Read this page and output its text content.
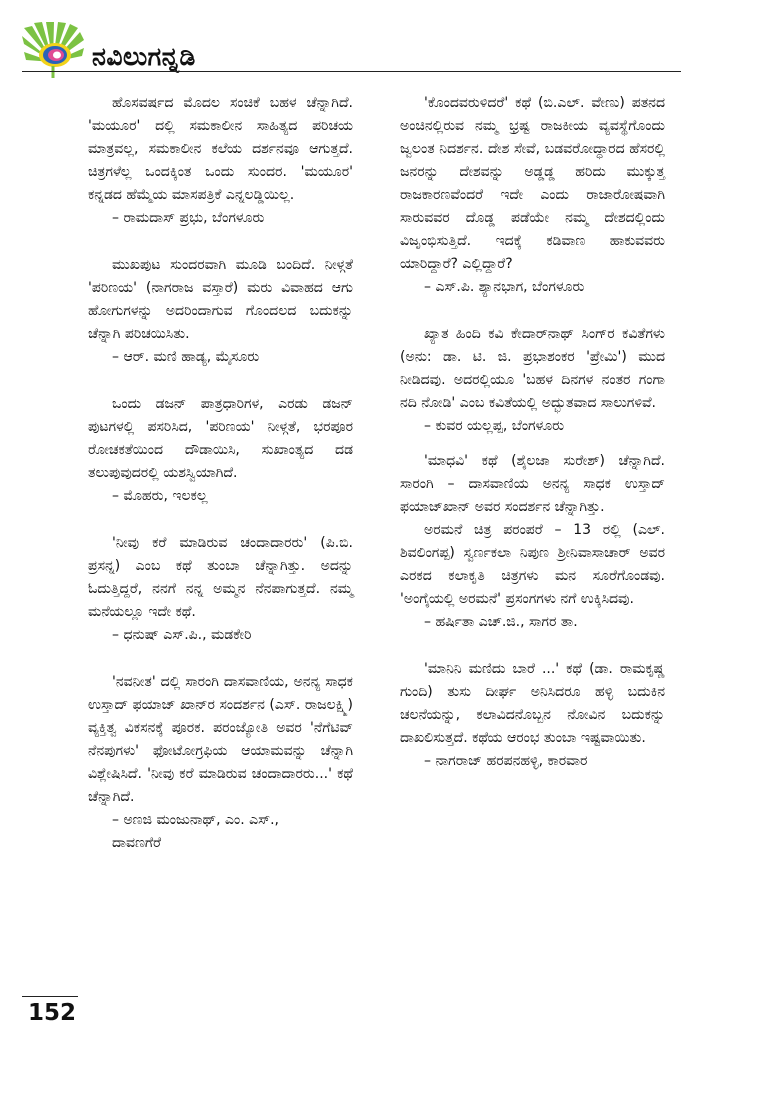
ನವಿಲುಗನ್ನಡಿ

ಹೊಸವರ್ಷದ ಮೊದಲ ಸಂಚಿಕೆ ಬಹಳ ಚೆನ್ನಾಗಿದೆ. 'ಮಯೂರ' ದಲ್ಲಿ ಸಮಕಾಲೀನ ಸಾಹಿತ್ಯದ ಪರಿಚಯ ಮಾತ್ರವಲ್ಲ, ಸಮಕಾಲೀನ ಕಲೆಯ ದರ್ಶನವೂ ಆಗುತ್ತದೆ. ಚಿತ್ರಗಳೆಲ್ಲ ಒಂದಕ್ಕಿಂತ ಒಂದು ಸುಂದರ. 'ಮಯೂರ' ಕನ್ನಡದ ಹೆಮ್ಮೆಯ ಮಾಸಪತ್ರಿಕೆ ಎನ್ನಲಡ್ಡಿಯಿಲ್ಲ.

– ರಾಮದಾಸ್ ಪ್ರಭು, ಬೆಂಗಳೂರು

ಮುಖಪುಟ ಸುಂದರವಾಗಿ ಮೂಡಿ ಬಂದಿದೆ. ನೀಳ್ಗತೆ 'ಪರಿಣಯ' (ನಾಗರಾಜ ವಸ್ತಾರೆ) ಮರು ವಿವಾಹದ ಆಗು ಹೋಗುಗಳನ್ನು ಅದರಿಂದಾಗುವ ಗೊಂದಲದ ಬದುಕನ್ನು ಚೆನ್ನಾಗಿ ಪರಿಚಯಿಸಿತು.

– ಆರ್. ಮಣಿ ಹಾಡ್ಯ, ಮೈಸೂರು

ಒಂದು ಡಜನ್ ಪಾತ್ರಧಾರಿಗಳ, ಎರಡು ಡಜನ್ ಪುಟಗಳಲ್ಲಿ ಪಸರಿಸಿದ, 'ಪರಿಣಯ' ನೀಳ್ಗತೆ, ಭರಪೂರ ರೋಚಕತೆಯಿಂದ ದೌಡಾಯಿಸಿ, ಸುಖಾಂತ್ಯದ ದಡ ತಲುಪುವುದರಲ್ಲಿ ಯಶಸ್ವಿಯಾಗಿದೆ.

– ಮೊಹರು, ಇಲಕಲ್ಲ

'ನೀವು ಕರೆ ಮಾಡಿರುವ ಚಂದಾದಾರರು' (ಪಿ.ಬಿ. ಪ್ರಸನ್ನ) ಎಂಬ ಕಥೆ ತುಂಬಾ ಚೆನ್ನಾಗಿತ್ತು. ಅದನ್ನು ಓದುತ್ತಿದ್ದರೆ, ನನಗೆ ನನ್ನ ಅಮ್ಮನ ನೆನಪಾಗುತ್ತದೆ. ನಮ್ಮ ಮನೆಯಲ್ಲೂ ಇದೇ ಕಥೆ.

– ಧನುಷ್ ಎಸ್.ಪಿ., ಮಡಕೇರಿ

'ನವನೀತ' ದಲ್ಲಿ ಸಾರಂಗಿ ದಾಸವಾಣಿಯ, ಅನನ್ಯ ಸಾಧಕ ಉಸ್ತಾದ್ ಫಯಾಜ್ ಖಾನ್‌ರ ಸಂದರ್ಶನ (ಎಸ್. ರಾಜಲಕ್ಷ್ಮಿ) ವ್ಯಕ್ತಿತ್ವ ವಿಕಸನಕ್ಕೆ ಪೂರಕ. ಪರಂಜ್ಯೋತಿ ಅವರ 'ನೆಗೆಟಿವ್ ನೆನಪುಗಳು' ಫೋಟೋಗ್ರಫಿಯ ಆಯಾಮವನ್ನು ಚೆನ್ನಾಗಿ ವಿಶ್ಲೇಷಿಸಿದೆ. 'ನೀವು ಕರೆ ಮಾಡಿರುವ ಚಂದಾದಾರರು...' ಕಥೆ ಚೆನ್ನಾಗಿದೆ.

– ಅಣಜಿ ಮಂಜುನಾಥ್, ಎಂ. ಎಸ್.,

ದಾವಣಗೆರೆ

'ಕೊಂದವರುಳಿದರೆ' ಕಥೆ (ಬಿ.ಎಲ್. ವೇಣು) ಪತನದ ಅಂಚಿನಲ್ಲಿರುವ ನಮ್ಮ ಭ್ರಷ್ಟ ರಾಜಕೀಯ ವ್ಯವಸ್ಥೆಗೊಂದು ಜ್ವಲಂತ ನಿದರ್ಶನ. ದೇಶ ಸೇವೆ, ಬಡವರೋದ್ಧಾರದ ಹೆಸರಲ್ಲಿ ಜನರನ್ನು ದೇಶವನ್ನು ಅಡ್ಡಡ್ಡ ಹರಿದು ಮುಕ್ಕುತ್ತ ರಾಜಕಾರಣವೆಂದರೆ ಇದೇ ಎಂದು ರಾಜಾರೋಷವಾಗಿ ಸಾರುವವರ ದೊಡ್ಡ ಪಡೆಯೇ ನಮ್ಮ ದೇಶದಲ್ಲಿಂದು ವಿಜೃಂಭಿಸುತ್ತಿದೆ. ಇದಕ್ಕೆ ಕಡಿವಾಣ ಹಾಕುವವರು ಯಾರಿದ್ದಾರೆ? ಎಲ್ಲಿದ್ದಾರೆ?

– ಎಸ್.ಪಿ. ಶ್ಯಾನಭಾಗ, ಬೆಂಗಳೂರು

ಖ್ಯಾತ ಹಿಂದಿ ಕವಿ ಕೇದಾರ್‌ನಾಥ್ ಸಿಂಗ್‌ರ ಕವಿತೆಗಳು (ಅನು: ಡಾ. ಟಿ. ಜಿ. ಪ್ರಭಾಶಂಕರ 'ಪ್ರೇಮಿ') ಮುದ ನೀಡಿದವು. ಅದರಲ್ಲಿಯೂ 'ಬಹಳ ದಿನಗಳ ನಂತರ ಗಂಗಾ ನದಿ ನೋಡಿ' ಎಂಬ ಕವಿತೆಯಲ್ಲಿ ಅದ್ಭುತವಾದ ಸಾಲುಗಳಿವೆ.

– ಕುವರ ಯಲ್ಲಪ್ಪ, ಬೆಂಗಳೂರು

'ಮಾಧವಿ' ಕಥೆ (ಶೈಲಜಾ ಸುರೇಶ್) ಚೆನ್ನಾಗಿದೆ. ಸಾರಂಗಿ – ದಾಸವಾಣಿಯ ಅನನ್ಯ ಸಾಧಕ ಉಸ್ತಾದ್ ಫಯಾಜ್‌ಖಾನ್ ಅವರ ಸಂದರ್ಶನ ಚೆನ್ನಾಗಿತ್ತು.

ಅರಮನೆ ಚಿತ್ರ ಪರಂಪರೆ – 13 ರಲ್ಲಿ (ಎಲ್. ಶಿವಲಿಂಗಪ್ಪ) ಸ್ವರ್ಣಕಲಾ ನಿಪುಣ ಶ್ರೀನಿವಾಸಾಚಾರ್ ಅವರ ಎರಕದ ಕಲಾಕೃತಿ ಚಿತ್ರಗಳು ಮನ ಸೂರೆಗೊಂಡವು. 'ಅಂಗೈಯಲ್ಲಿ ಅರಮನೆ' ಪ್ರಸಂಗಗಳು ನಗೆ ಉಕ್ಕಿಸಿದವು.

– ಹರ್ಷಿತಾ ಎಚ್.ಜಿ., ಸಾಗರ ತಾ.

'ಮಾನಿನಿ ಮಣಿದು ಬಾರೆ ...' ಕಥೆ (ಡಾ. ರಾಮಕೃಷ್ಣ ಗುಂದಿ) ತುಸು ದೀರ್ಘ ಅನಿಸಿದರೂ ಹಳ್ಳಿ ಬದುಕಿನ ಚಲನೆಯನ್ನು, ಕಲಾವಿದನೊಬ್ಬನ ನೋವಿನ ಬದುಕನ್ನು ದಾಖಲಿಸುತ್ತದೆ. ಕಥೆಯ ಆರಂಭ ತುಂಬಾ ಇಷ್ಟವಾಯಿತು.

– ನಾಗರಾಜ್ ಹರಪನಹಳ್ಳಿ, ಕಾರವಾರ

152
